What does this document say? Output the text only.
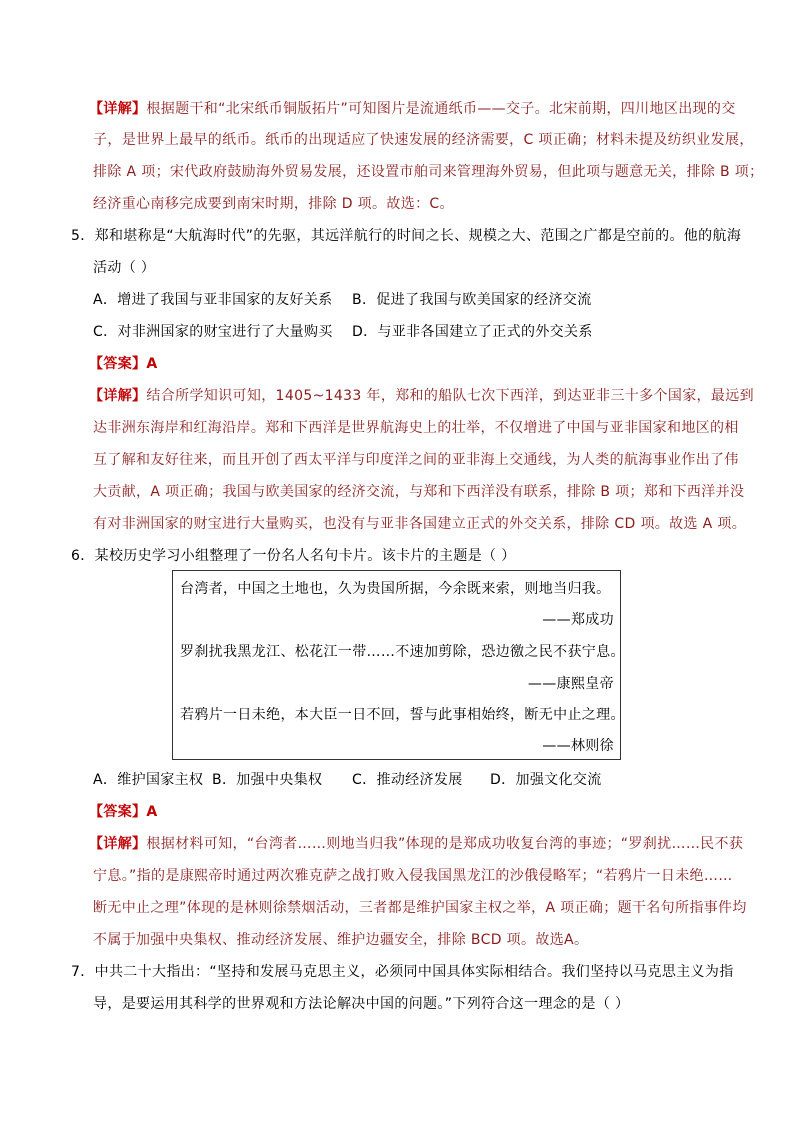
【详解】根据题干和“北宋纸币铜版拓片”可知图片是流通纸币——交子。北宋前期，四川地区出现的交
子，是世界上最早的纸币。纸币的出现适应了快速发展的经济需要，C 项正确；材料未提及纺织业发展，
排除 A 项；宋代政府鼓励海外贸易发展，还设置市舶司来管理海外贸易，但此项与题意无关，排除 B 项；
经济重心南移完成要到南宋时期，排除 D 项。故选：C。
5．郑和堪称是“大航海时代”的先驱，其远洋航行的时间之长、规模之大、范围之广都是空前的。他的航海
活动（ ）
A．增进了我国与亚非国家的友好关系 B．促进了我国与欧美国家的经济交流
C．对非洲国家的财宝进行了大量购买 D．与亚非各国建立了正式的外交关系
【答案】A
【详解】结合所学知识可知，1405~1433 年，郑和的船队七次下西洋，到达亚非三十多个国家，最远到
达非洲东海岸和红海沿岸。郑和下西洋是世界航海史上的壮举，不仅增进了中国与亚非国家和地区的相
互了解和友好往来，而且开创了西太平洋与印度洋之间的亚非海上交通线，为人类的航海事业作出了伟
大贡献，A 项正确；我国与欧美国家的经济交流，与郑和下西洋没有联系，排除 B 项；郑和下西洋并没
有对非洲国家的财宝进行大量购买，也没有与亚非各国建立正式的外交关系，排除 CD 项。故选 A 项。
6．某校历史学习小组整理了一份名人名句卡片。该卡片的主题是（ ）
台湾者，中国之土地也，久为贵国所据，今余既来索，则地当归我。
——郑成功
罗刹扰我黑龙江、松花江一带……不速加剪除，恐边徼之民不获宁息。
——康熙皇帝
若鸦片一日未绝，本大臣一日不回，誓与此事相始终，断无中止之理。
——林则徐
A．维护国家主权 B．加强中央集权 C．推动经济发展 D．加强文化交流
【答案】A
【详解】根据材料可知，“台湾者……则地当归我”体现的是郑成功收复台湾的事迹；“罗刹扰……民不获
宁息。”指的是康熙帝时通过两次雅克萨之战打败入侵我国黑龙江的沙俄侵略军；“若鸦片一日未绝……
断无中止之理”体现的是林则徐禁烟活动，三者都是维护国家主权之举，A 项正确；题干名句所指事件均
不属于加强中央集权、推动经济发展、维护边疆安全，排除 BCD 项。故选A。
7．中共二十大指出：“坚持和发展马克思主义，必须同中国具体实际相结合。我们坚持以马克思主义为指
导，是要运用其科学的世界观和方法论解决中国的问题。”下列符合这一理念的是（ ）
